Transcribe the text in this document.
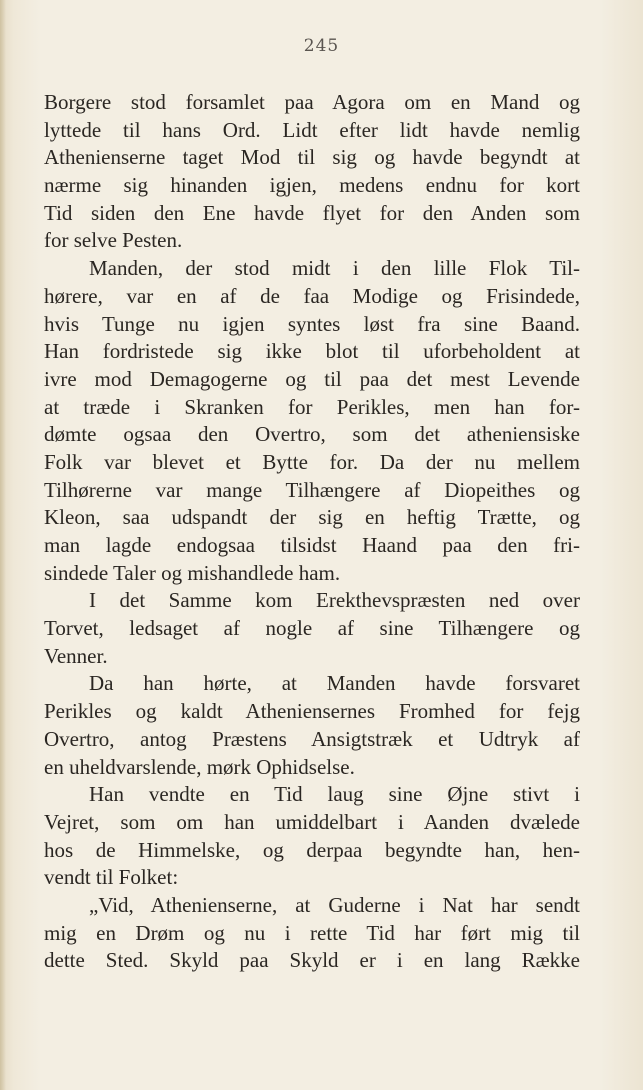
245
Borgere stod forsamlet paa Agora om en Mand og
lyttede til hans Ord. Lidt efter lidt havde nemlig
Athenienserne taget Mod til sig og havde begyndt at
nærme sig hinanden igjen, medens endnu for kort
Tid siden den Ene havde flyet for den Anden som
for selve Pesten.
Manden, der stod midt i den lille Flok Til-
hørere, var en af de faa Modige og Frisindede,
hvis Tunge nu igjen syntes løst fra sine Baand.
Han fordristede sig ikke blot til uforbeholdent at
ivre mod Demagogerne og til paa det mest Levende
at træde i Skranken for Perikles, men han for-
dømte ogsaa den Overtro, som det atheniensiske
Folk var blevet et Bytte for. Da der nu mellem
Tilhørerne var mange Tilhængere af Diopeithes og
Kleon, saa udspandt der sig en heftig Trætte, og
man lagde endogsaa tilsidst Haand paa den fri-
sindede Taler og mishandlede ham.
I det Samme kom Erekthevspræsten ned over
Torvet, ledsaget af nogle af sine Tilhængere og
Venner.
Da han hørte, at Manden havde forsvaret
Perikles og kaldt Atheniensernes Fromhed for fejg
Overtro, antog Præstens Ansigtstræk et Udtryk af
en uheldvarslende, mørk Ophidselse.
Han vendte en Tid laug sine Øjne stivt i
Vejret, som om han umiddelbart i Aanden dvælede
hos de Himmelske, og derpaa begyndte han, hen-
vendt til Folket:
„Vid, Athenienserne, at Guderne i Nat har sendt
mig en Drøm og nu i rette Tid har ført mig til
dette Sted. Skyld paa Skyld er i en lang Række
